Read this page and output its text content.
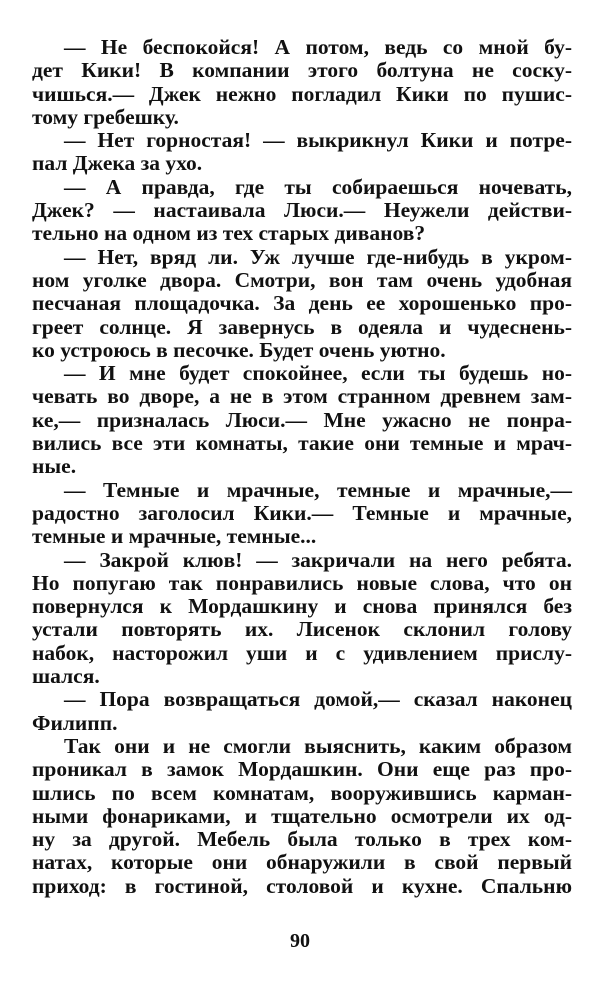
— Не беспокойся! А потом, ведь со мной бу-
дет Кики! В компании этого болтуна не соску-
чишься.— Джек нежно погладил Кики по пушис-
тому гребешку.
— Нет горностая! — выкрикнул Кики и потре-
пал Джека за ухо.
— А правда, где ты собираешься ночевать,
Джек? — настаивала Люси.— Неужели действи-
тельно на одном из тех старых диванов?
— Нет, вряд ли. Уж лучше где-нибудь в укром-
ном уголке двора. Смотри, вон там очень удобная
песчаная площадочка. За день ее хорошенько про-
греет солнце. Я завернусь в одеяла и чудеснень-
ко устроюсь в песочке. Будет очень уютно.
— И мне будет спокойнее, если ты будешь но-
чевать во дворе, а не в этом странном древнем зам-
ке,— призналась Люси.— Мне ужасно не понра-
вились все эти комнаты, такие они темные и мрач-
ные.
— Темные и мрачные, темные и мрачные,—
радостно заголосил Кики.— Темные и мрачные,
темные и мрачные, темные...
— Закрой клюв! — закричали на него ребята.
Но попугаю так понравились новые слова, что он
повернулся к Мордашкину и снова принялся без
устали повторять их. Лисенок склонил голову
набок, насторожил уши и с удивлением прислу-
шался.
— Пора возвращаться домой,— сказал наконец
Филипп.
Так они и не смогли выяснить, каким образом
проникал в замок Мордашкин. Они еще раз про-
шлись по всем комнатам, вооружившись карман-
ными фонариками, и тщательно осмотрели их од-
ну за другой. Мебель была только в трех ком-
натах, которые они обнаружили в свой первый
приход: в гостиной, столовой и кухне. Спальню
90
